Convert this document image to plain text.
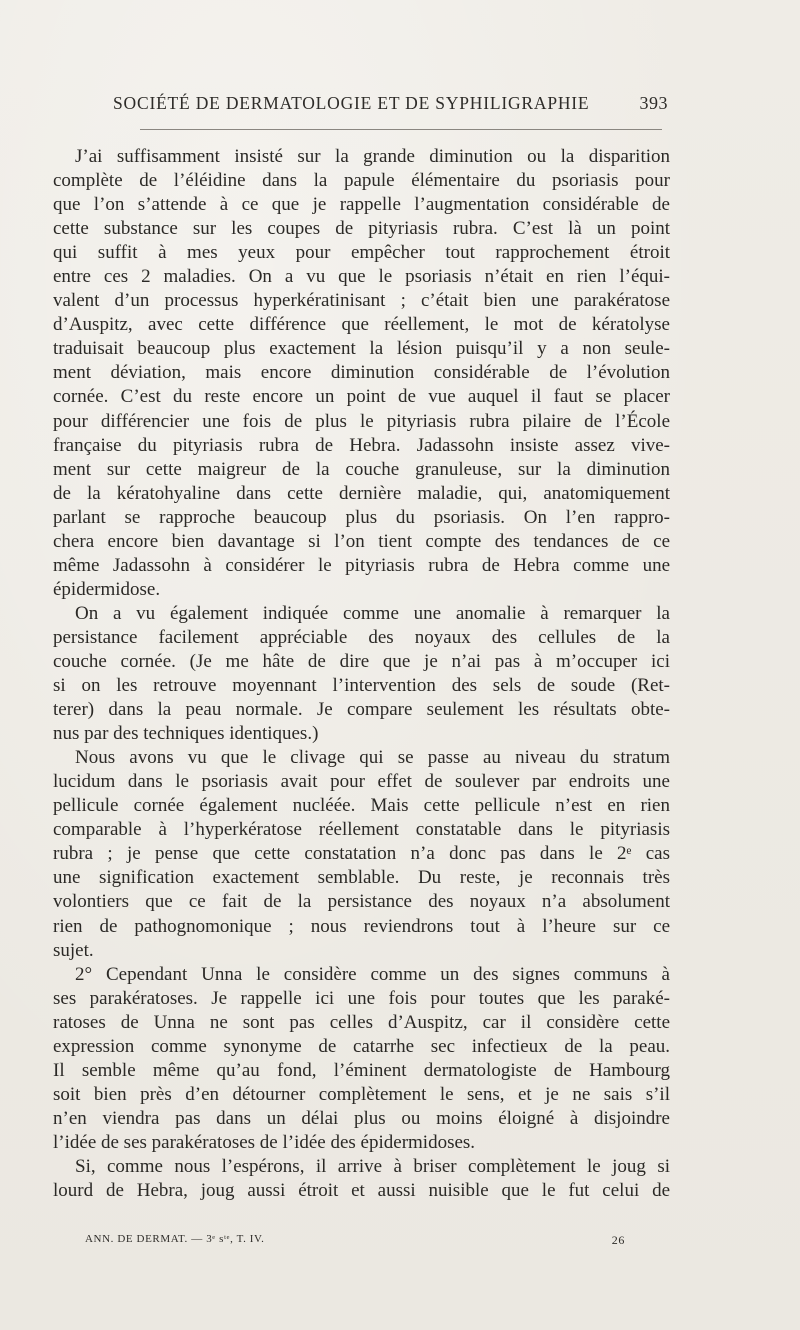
SOCIÉTÉ DE DERMATOLOGIE ET DE SYPHILIGRAPHIE	393
J’ai suffisamment insisté sur la grande diminution ou la disparition
complète de l’éléidine dans la papule élémentaire du psoriasis pour
que l’on s’attende à ce que je rappelle l’augmentation considérable de
cette substance sur les coupes de pityriasis rubra. C’est là un point
qui suffit à mes yeux pour empêcher tout rapprochement étroit
entre ces 2 maladies. On a vu que le psoriasis n’était en rien l’équi-
valent d’un processus hyperkératinisant ; c’était bien une parakératose
d’Auspitz, avec cette différence que réellement, le mot de kératolyse
traduisait beaucoup plus exactement la lésion puisqu’il y a non seule-
ment déviation, mais encore diminution considérable de l’évolution
cornée. C’est du reste encore un point de vue auquel il faut se placer
pour différencier une fois de plus le pityriasis rubra pilaire de l’École
française du pityriasis rubra de Hebra. Jadassohn insiste assez vive-
ment sur cette maigreur de la couche granuleuse, sur la diminution
de la kératohyaline dans cette dernière maladie, qui, anatomiquement
parlant se rapproche beaucoup plus du psoriasis. On l’en rappro-
chera encore bien davantage si l’on tient compte des tendances de ce
même Jadassohn à considérer le pityriasis rubra de Hebra comme une
épidermidose.
On a vu également indiquée comme une anomalie à remarquer la
persistance facilement appréciable des noyaux des cellules de la
couche cornée. (Je me hâte de dire que je n’ai pas à m’occuper ici
si on les retrouve moyennant l’intervention des sels de soude (Ret-
terer) dans la peau normale. Je compare seulement les résultats obte-
nus par des techniques identiques.)
Nous avons vu que le clivage qui se passe au niveau du stratum
lucidum dans le psoriasis avait pour effet de soulever par endroits une
pellicule cornée également nucléée. Mais cette pellicule n’est en rien
comparable à l’hyperkératose réellement constatable dans le pityriasis
rubra ; je pense que cette constatation n’a donc pas dans le 2ᵉ cas
une signification exactement semblable. Du reste, je reconnais très
volontiers que ce fait de la persistance des noyaux n’a absolument
rien de pathognomonique ; nous reviendrons tout à l’heure sur ce
sujet.
2° Cependant Unna le considère comme un des signes communs à
ses parakératoses. Je rappelle ici une fois pour toutes que les paraké-
ratoses de Unna ne sont pas celles d’Auspitz, car il considère cette
expression comme synonyme de catarrhe sec infectieux de la peau.
Il semble même qu’au fond, l’éminent dermatologiste de Hambourg
soit bien près d’en détourner complètement le sens, et je ne sais s’il
n’en viendra pas dans un délai plus ou moins éloigné à disjoindre
l’idée de ses parakératoses de l’idée des épidermidoses.
Si, comme nous l’espérons, il arrive à briser complètement le joug si
lourd de Hebra, joug aussi étroit et aussi nuisible que le fut celui de
ANN. DE DERMAT. — 3ᵉ sᵗᵉ, T. IV.	26
